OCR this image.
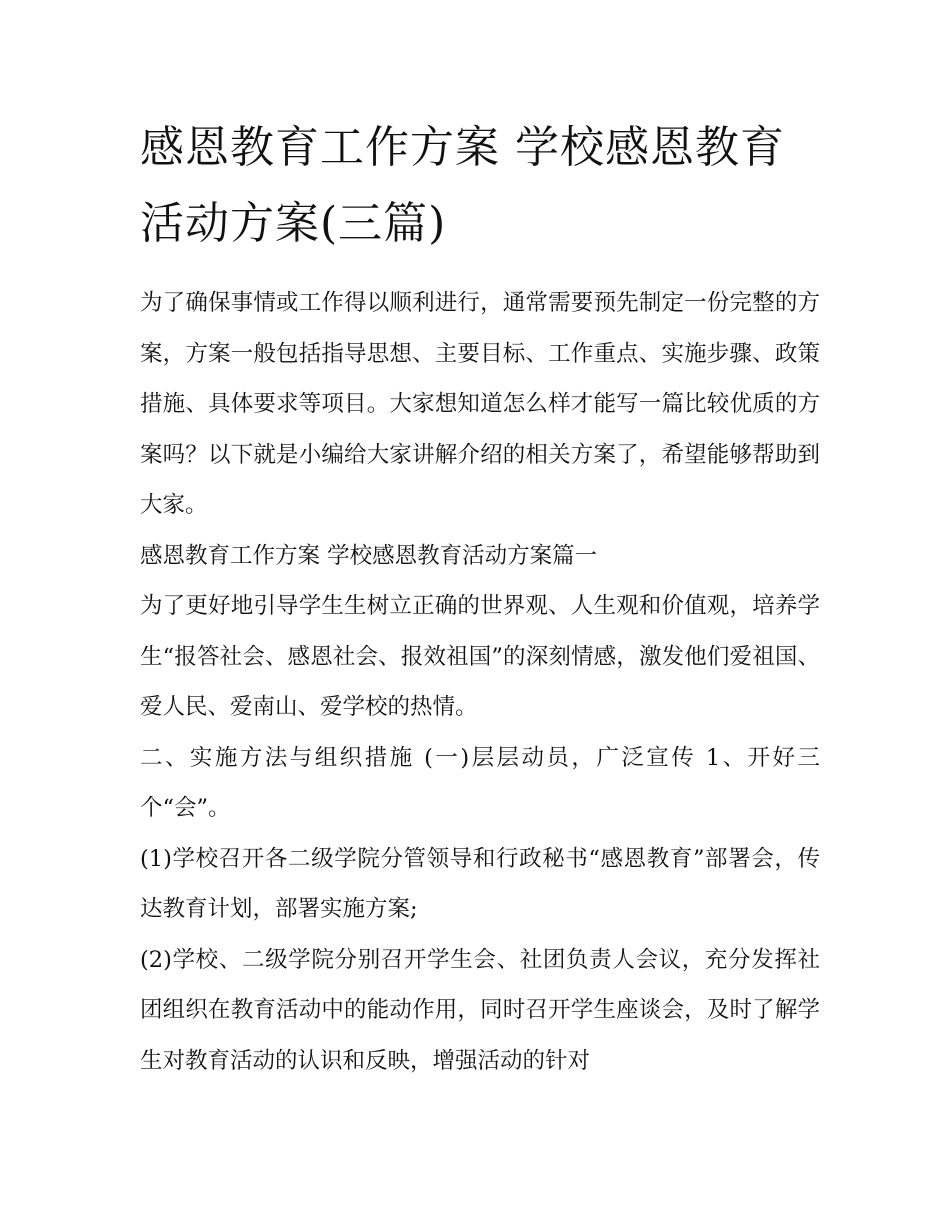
感恩教育工作方案 学校感恩教育活动方案(三篇)

为了确保事情或工作得以顺利进行，通常需要预先制定一份完整的方案，方案一般包括指导思想、主要目标、工作重点、实施步骤、政策措施、具体要求等项目。大家想知道怎么样才能写一篇比较优质的方案吗？以下就是小编给大家讲解介绍的相关方案了，希望能够帮助到大家。

感恩教育工作方案 学校感恩教育活动方案篇一

为了更好地引导学生生树立正确的世界观、人生观和价值观，培养学生“报答社会、感恩社会、报效祖国”的深刻情感，激发他们爱祖国、爱人民、爱南山、爱学校的热情。

二、实施方法与组织措施 (一)层层动员，广泛宣传 1、开好三个“会”。

(1)学校召开各二级学院分管领导和行政秘书“感恩教育”部署会，传达教育计划，部署实施方案;

(2)学校、二级学院分别召开学生会、社团负责人会议，充分发挥社团组织在教育活动中的能动作用，同时召开学生座谈会，及时了解学生对教育活动的认识和反映，增强活动的针对
